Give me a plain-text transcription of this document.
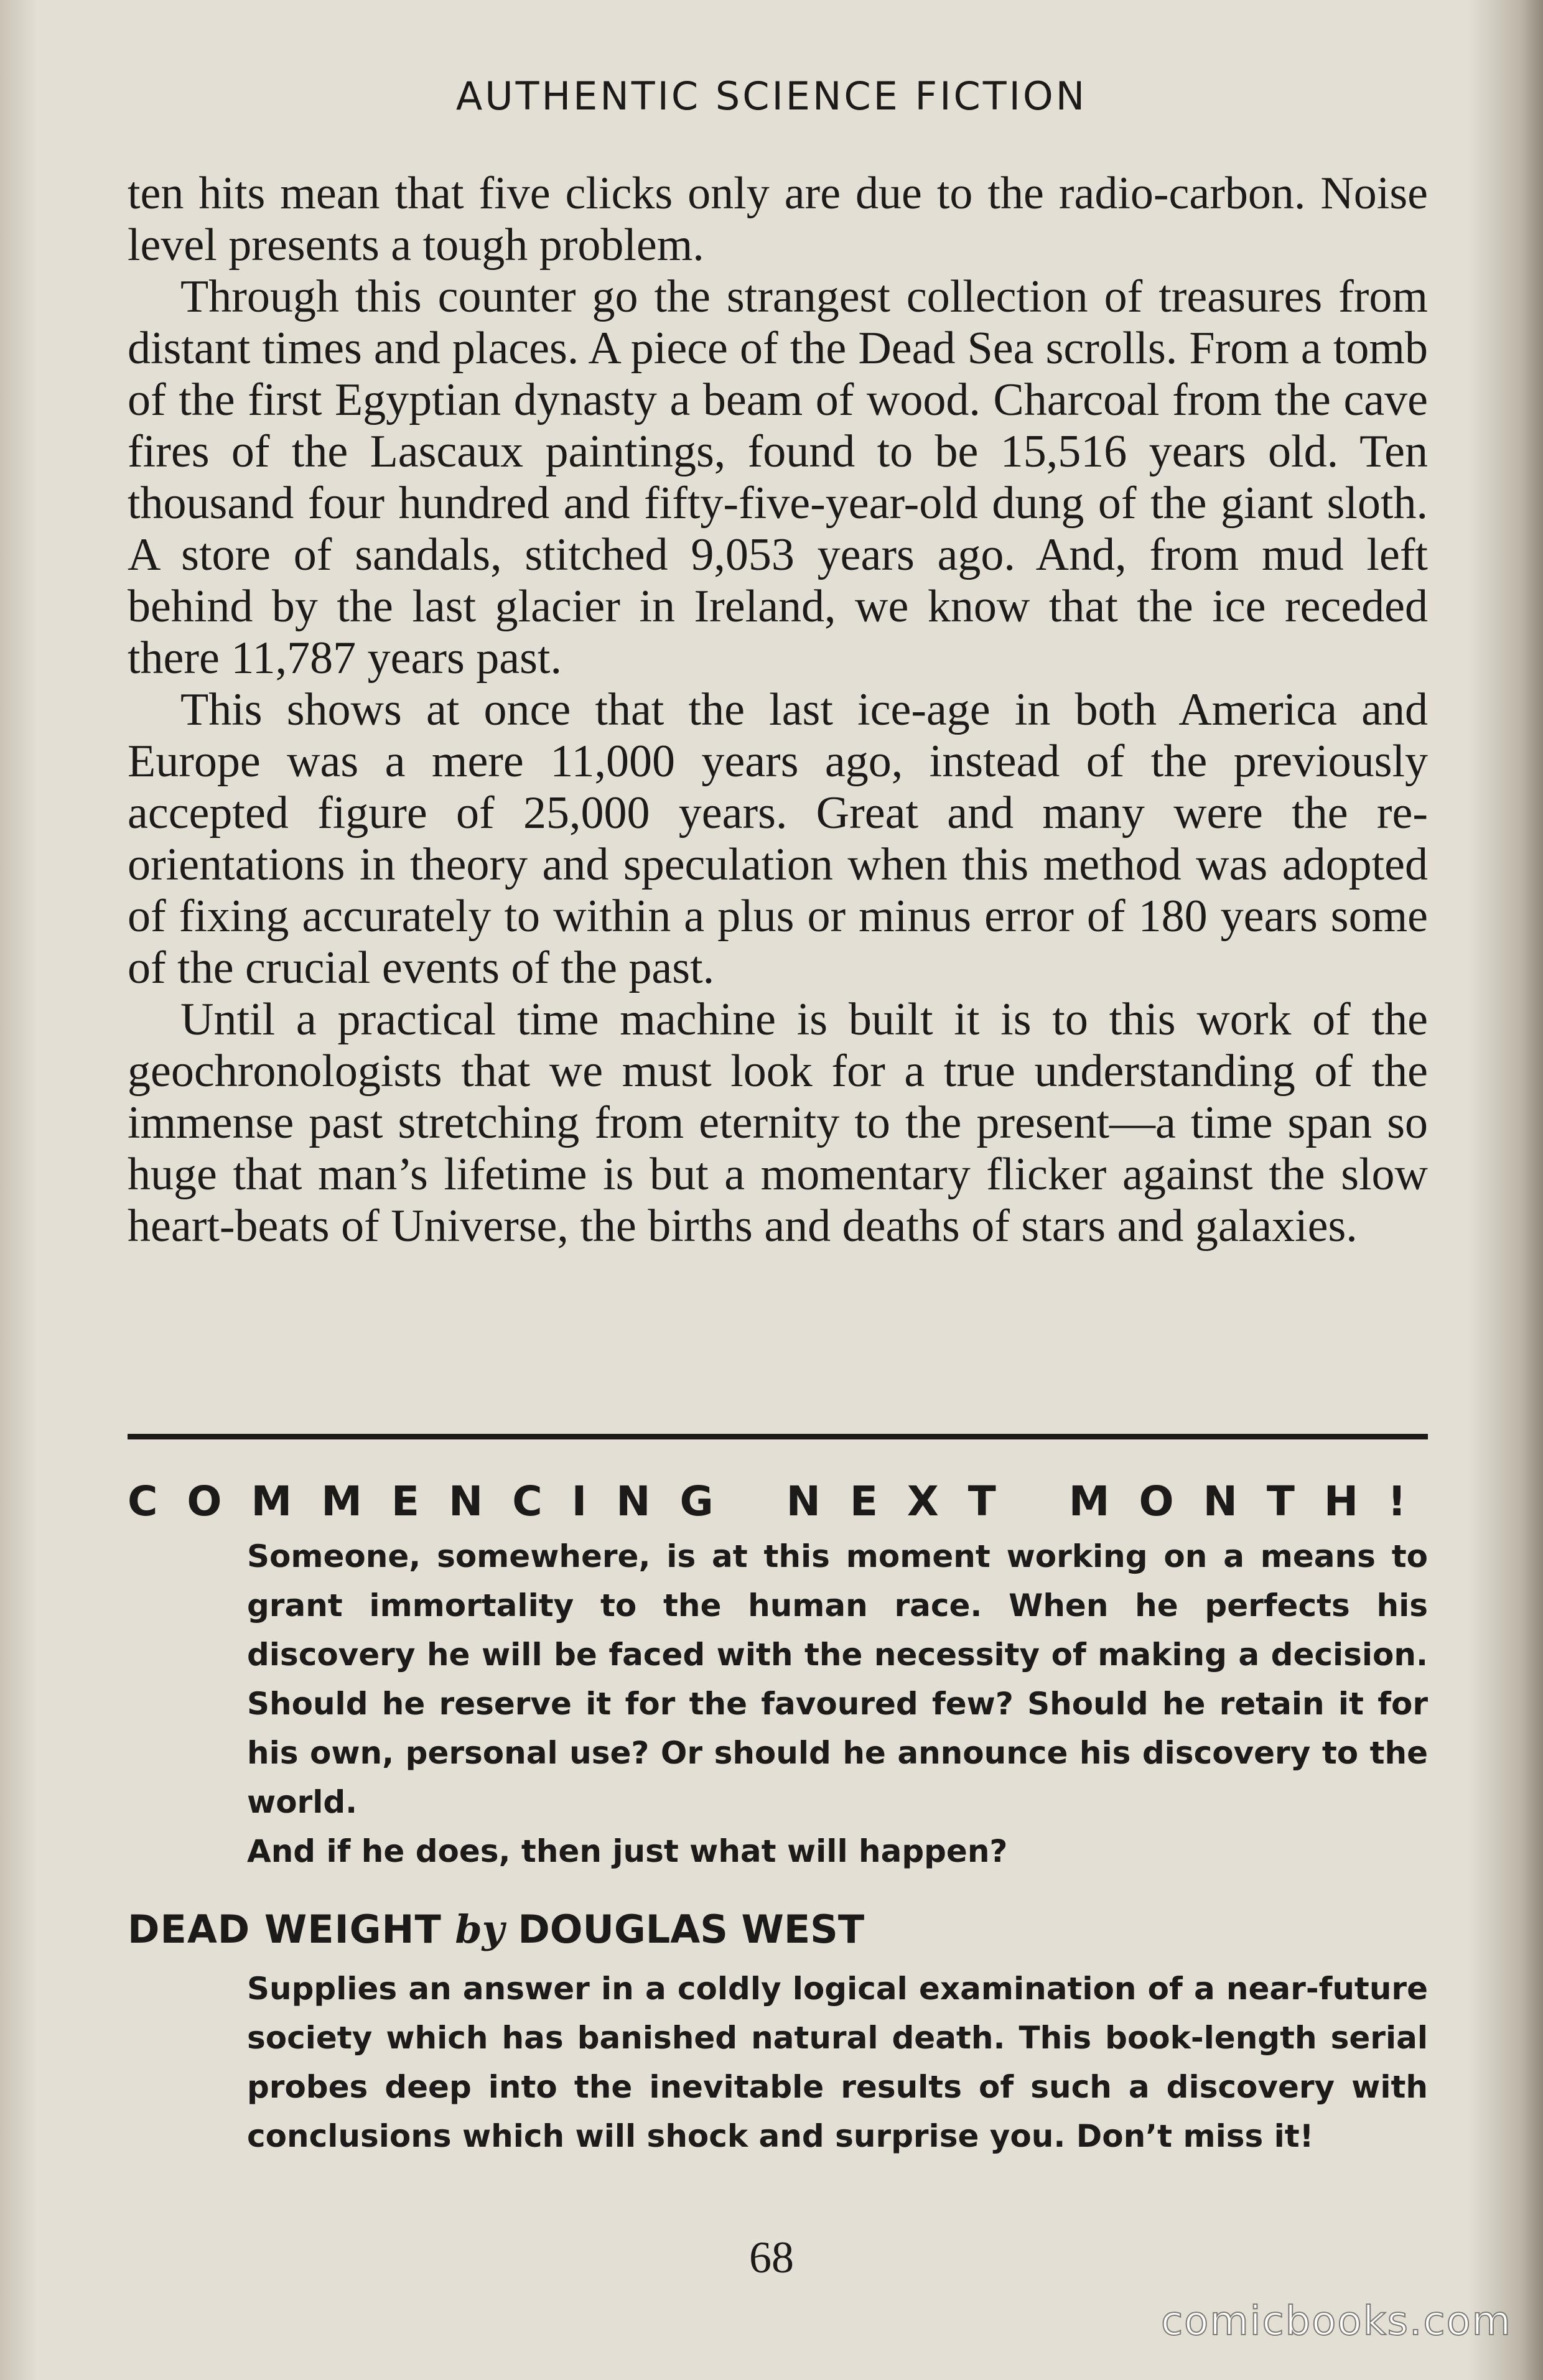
AUTHENTIC SCIENCE FICTION

ten hits mean that five clicks only are due to the radio-carbon. Noise level presents a tough problem.

Through this counter go the strangest collection of treasures from distant times and places. A piece of the Dead Sea scrolls. From a tomb of the first Egyptian dynasty a beam of wood. Charcoal from the cave fires of the Lascaux paintings, found to be 15,516 years old. Ten thousand four hundred and fifty-five-year-old dung of the giant sloth. A store of sandals, stitched 9,053 years ago. And, from mud left behind by the last glacier in Ireland, we know that the ice receded there 11,787 years past.

This shows at once that the last ice-age in both America and Europe was a mere 11,000 years ago, instead of the previously accepted figure of 25,000 years. Great and many were the re-orientations in theory and speculation when this method was adopted of fixing accurately to within a plus or minus error of 180 years some of the crucial events of the past.

Until a practical time machine is built it is to this work of the geochronologists that we must look for a true understanding of the immense past stretching from eternity to the present—a time span so huge that man’s lifetime is but a momentary flicker against the slow heart-beats of Universe, the births and deaths of stars and galaxies.

COMMENCING NEXT MONTH!

Someone, somewhere, is at this moment working on a means to grant immortality to the human race. When he perfects his discovery he will be faced with the necessity of making a decision. Should he reserve it for the favoured few? Should he retain it for his own, personal use? Or should he announce his discovery to the world.

And if he does, then just what will happen?

DEAD WEIGHT by DOUGLAS WEST

Supplies an answer in a coldly logical examination of a near-future society which has banished natural death. This book-length serial probes deep into the inevitable results of such a discovery with conclusions which will shock and surprise you. Don’t miss it!

68
comicbooks.com
